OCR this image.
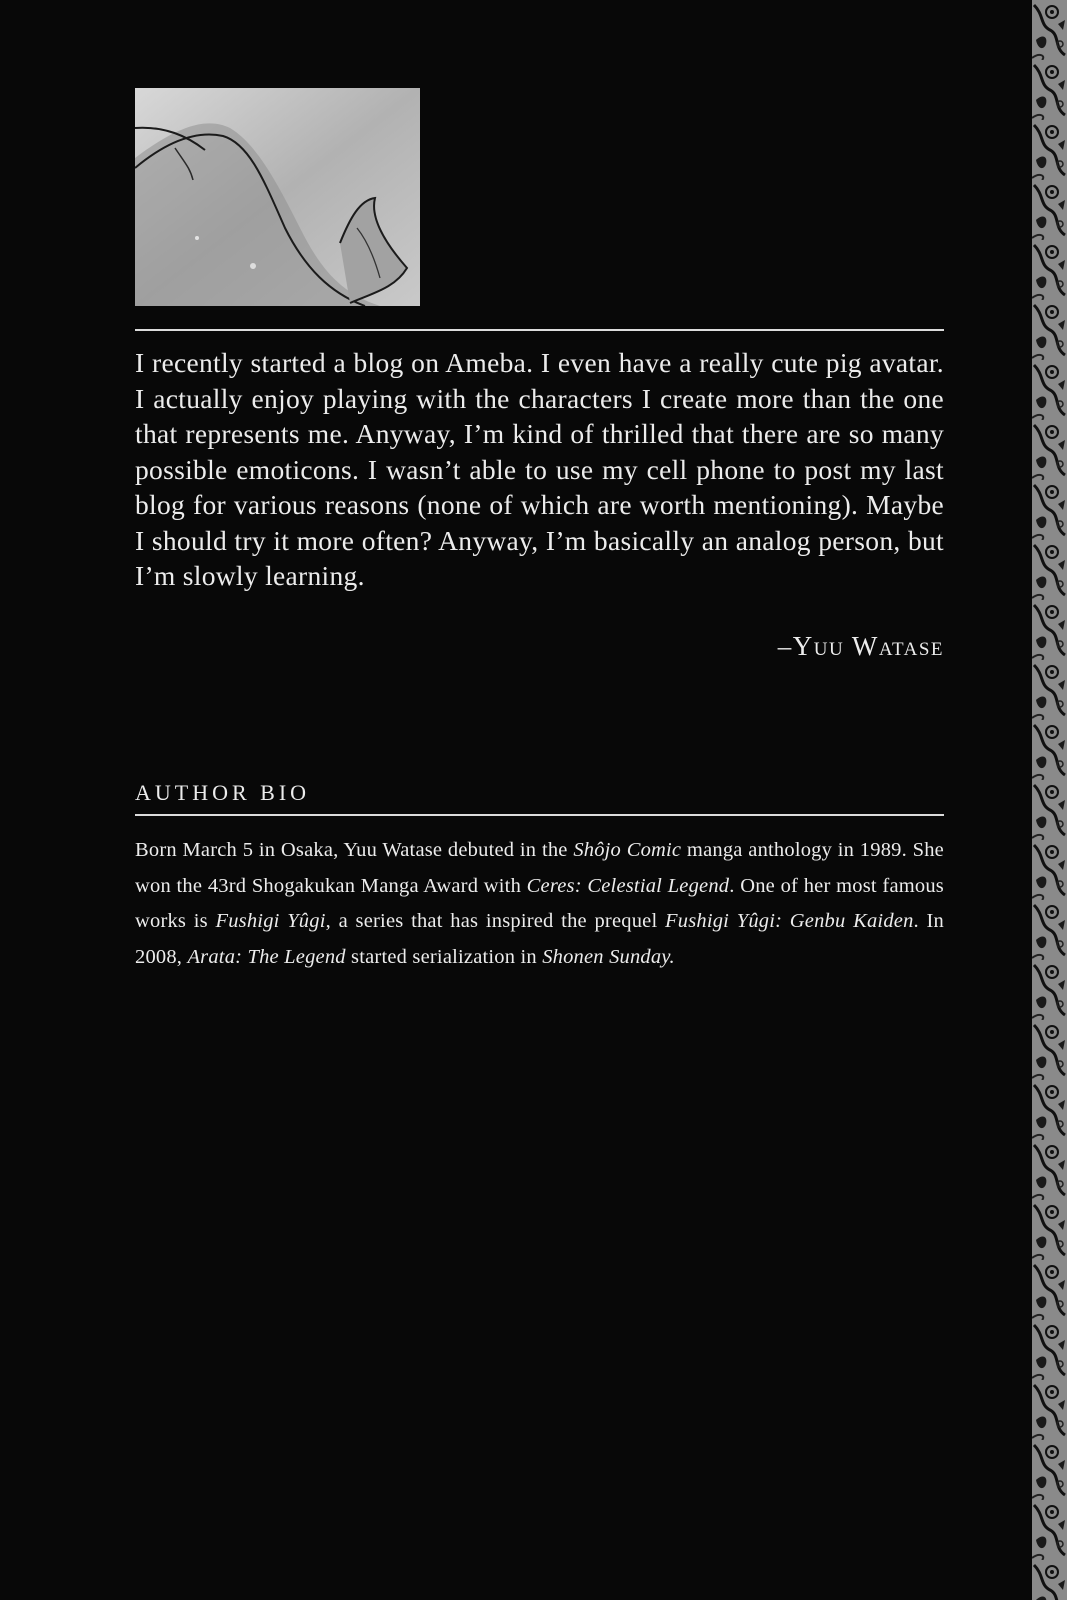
I recently started a blog on Ameba. I even have a really cute pig avatar. I actually enjoy playing with the characters I create more than the one that represents me. Anyway, I’m kind of thrilled that there are so many possible emoticons. I wasn’t able to use my cell phone to post my last blog for various reasons (none of which are worth mentioning). Maybe I should try it more often? Anyway, I’m basically an analog person, but I’m slowly learning.

–Yuu Watase

AUTHOR BIO

Born March 5 in Osaka, Yuu Watase debuted in the Shôjo Comic manga anthology in 1989. She won the 43rd Shogakukan Manga Award with Ceres: Celestial Legend. One of her most famous works is Fushigi Yûgi, a series that has inspired the prequel Fushigi Yûgi: Genbu Kaiden. In 2008, Arata: The Legend started serialization in Shonen Sunday.
